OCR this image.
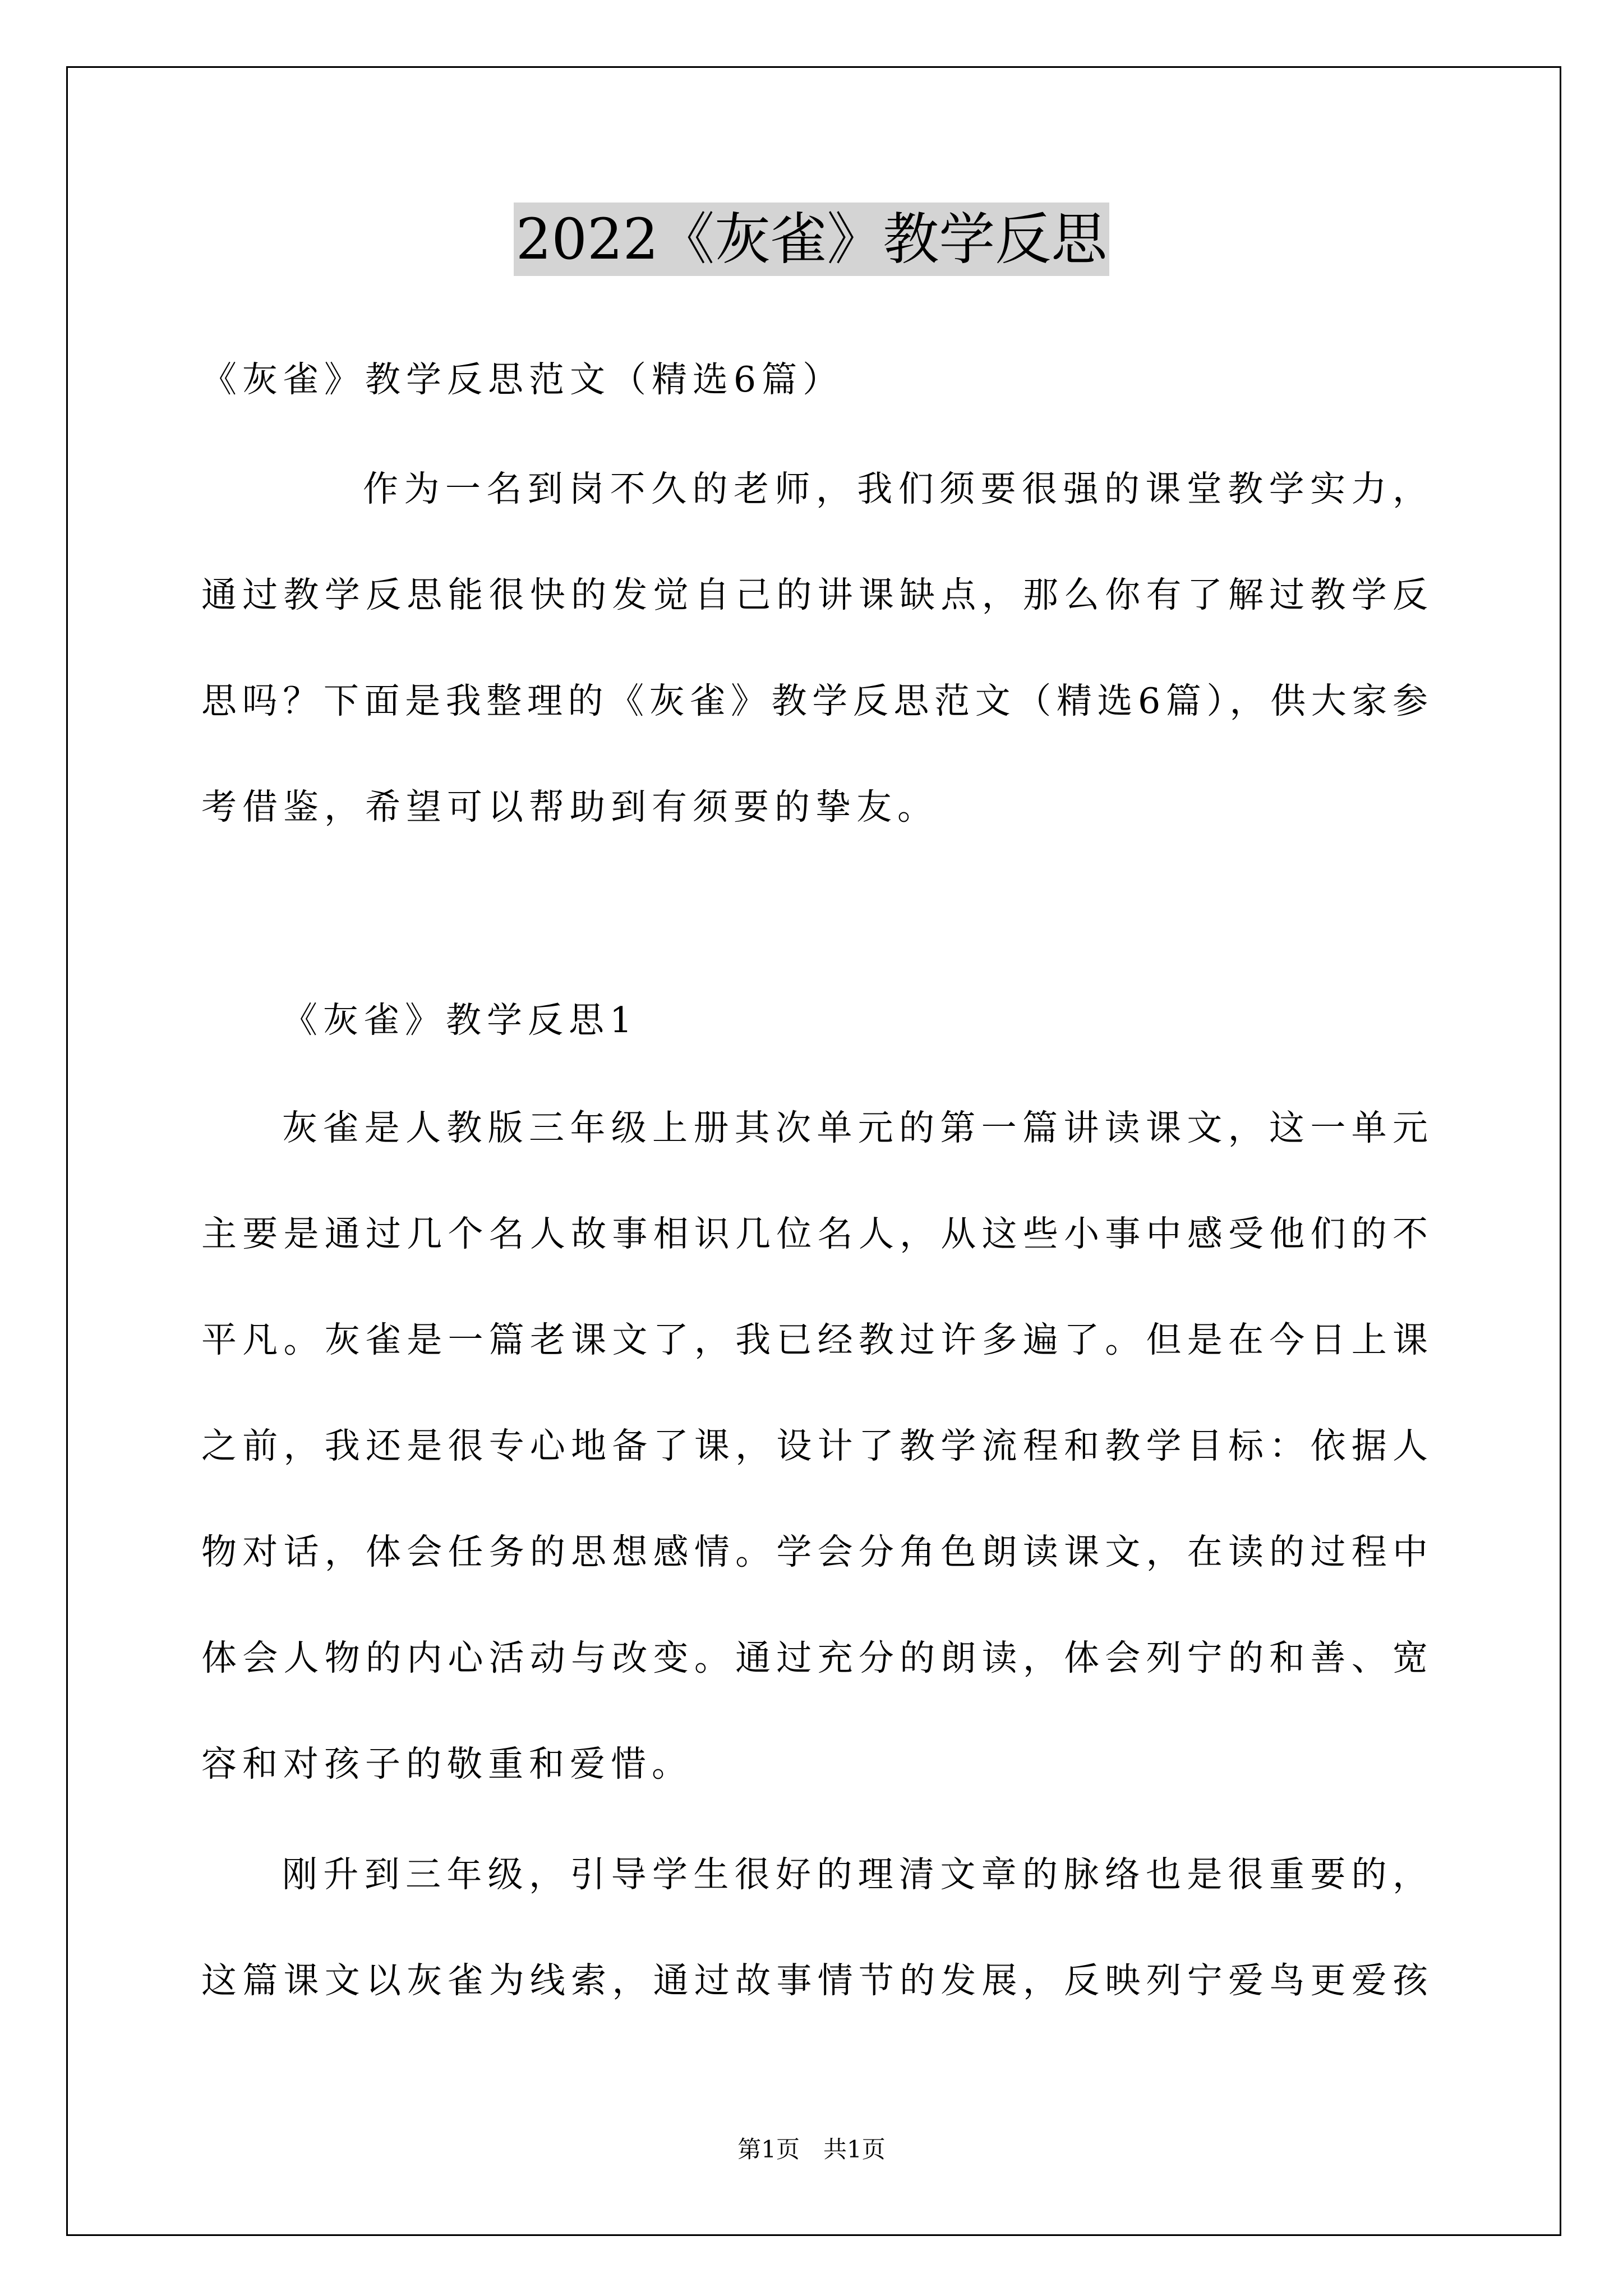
2022《灰雀》教学反思
《灰雀》教学反思范文（精选6篇）
作为一名到岗不久的老师，我们须要很强的课堂教学实力，
通过教学反思能很快的发觉自己的讲课缺点，那么你有了解过教学反
思吗？下面是我整理的《灰雀》教学反思范文（精选6篇），供大家参
考借鉴，希望可以帮助到有须要的挚友。
《灰雀》教学反思1
灰雀是人教版三年级上册其次单元的第一篇讲读课文，这一单元
主要是通过几个名人故事相识几位名人，从这些小事中感受他们的不
平凡。灰雀是一篇老课文了，我已经教过许多遍了。但是在今日上课
之前，我还是很专心地备了课，设计了教学流程和教学目标：依据人
物对话，体会任务的思想感情。学会分角色朗读课文，在读的过程中
体会人物的内心活动与改变。通过充分的朗读，体会列宁的和善、宽
容和对孩子的敬重和爱惜。
刚升到三年级，引导学生很好的理清文章的脉络也是很重要的，
这篇课文以灰雀为线索，通过故事情节的发展，反映列宁爱鸟更爱孩
第1页　共1页
